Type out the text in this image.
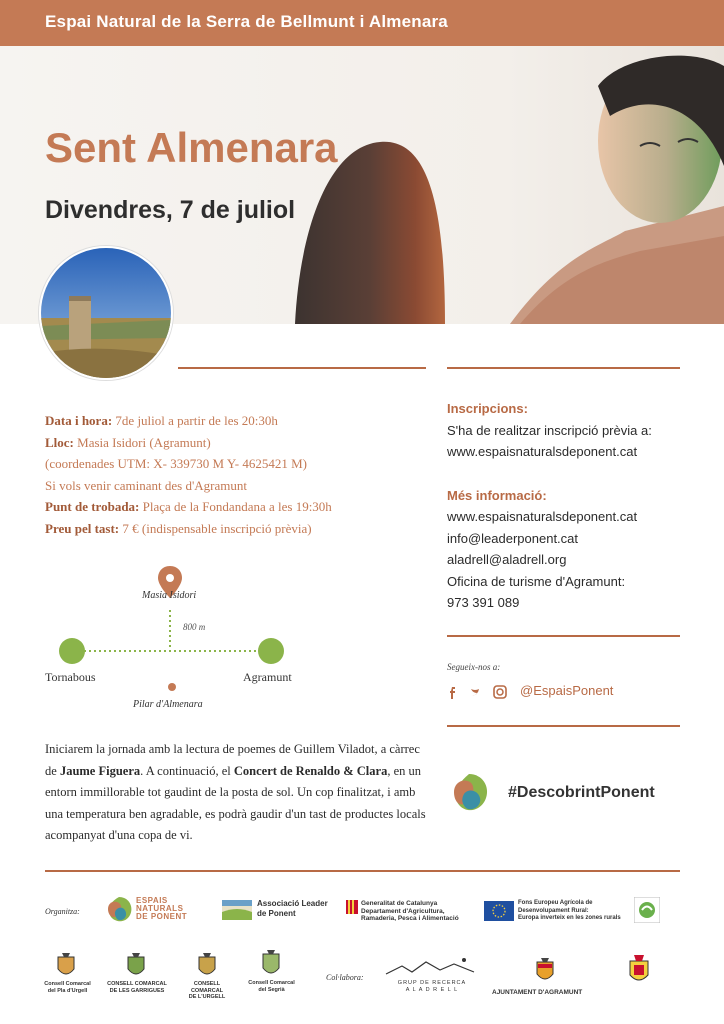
Espai Natural de la Serra de Bellmunt i Almenara
Sent Almenara
Divendres, 7 de juliol
Data i hora: 7de juliol a partir de les 20:30h
Lloc: Masia Isidori (Agramunt)
(coordenades UTM: X- 339730 M Y- 4625421 M)
Si vols venir caminant des d'Agramunt
Punt de trobada: Plaça de la Fondandana a les 19:30h
Preu pel tast: 7 € (indispensable inscripció prèvia)
Masia Isidori
800 m
Tornabous	Agramunt
Pilar d'Almenara
Iniciarem la jornada amb la lectura de poemes de Guillem Viladot, a càrrec de Jaume Figuera. A continuació, el Concert de Renaldo & Clara, en un entorn immillorable tot gaudint de la posta de sol. Un cop finalitzat, i amb una temperatura ben agradable, es podrà gaudir d'un tast de productes locals acompanyat d'una copa de vi.
Inscripcions:
S'ha de realitzar inscripció prèvia a:
www.espaisnaturalsdeponent.cat
Més informació:
www.espaisnaturalsdeponent.cat
info@leaderponent.cat
aladrell@aladrell.org
Oficina de turisme d'Agramunt:
973 391 089
Segueix-nos a:
@EspaisPonent
#DescobrintPonent
Organitza:
ESPAIS
NATURALS
DE PONENT
Associació Leader
de Ponent
Generalitat de Catalunya
Departament d'Agricultura,
Ramaderia, Pesca i Alimentació
Fons Europeu Agrícola de
Desenvolupament Rural:
Europa inverteix en les zones rurals
Consell Comarcal
del Pla d'Urgell
CONSELL COMARCAL
DE LES GARRIGUES
CONSELL COMARCAL
DE L'URGELL
Consell Comarcal
del Segrià
Col·labora:
GRUP DE RECERCA
A L A D R E L L	AJUNTAMENT D'AGRAMUNT
